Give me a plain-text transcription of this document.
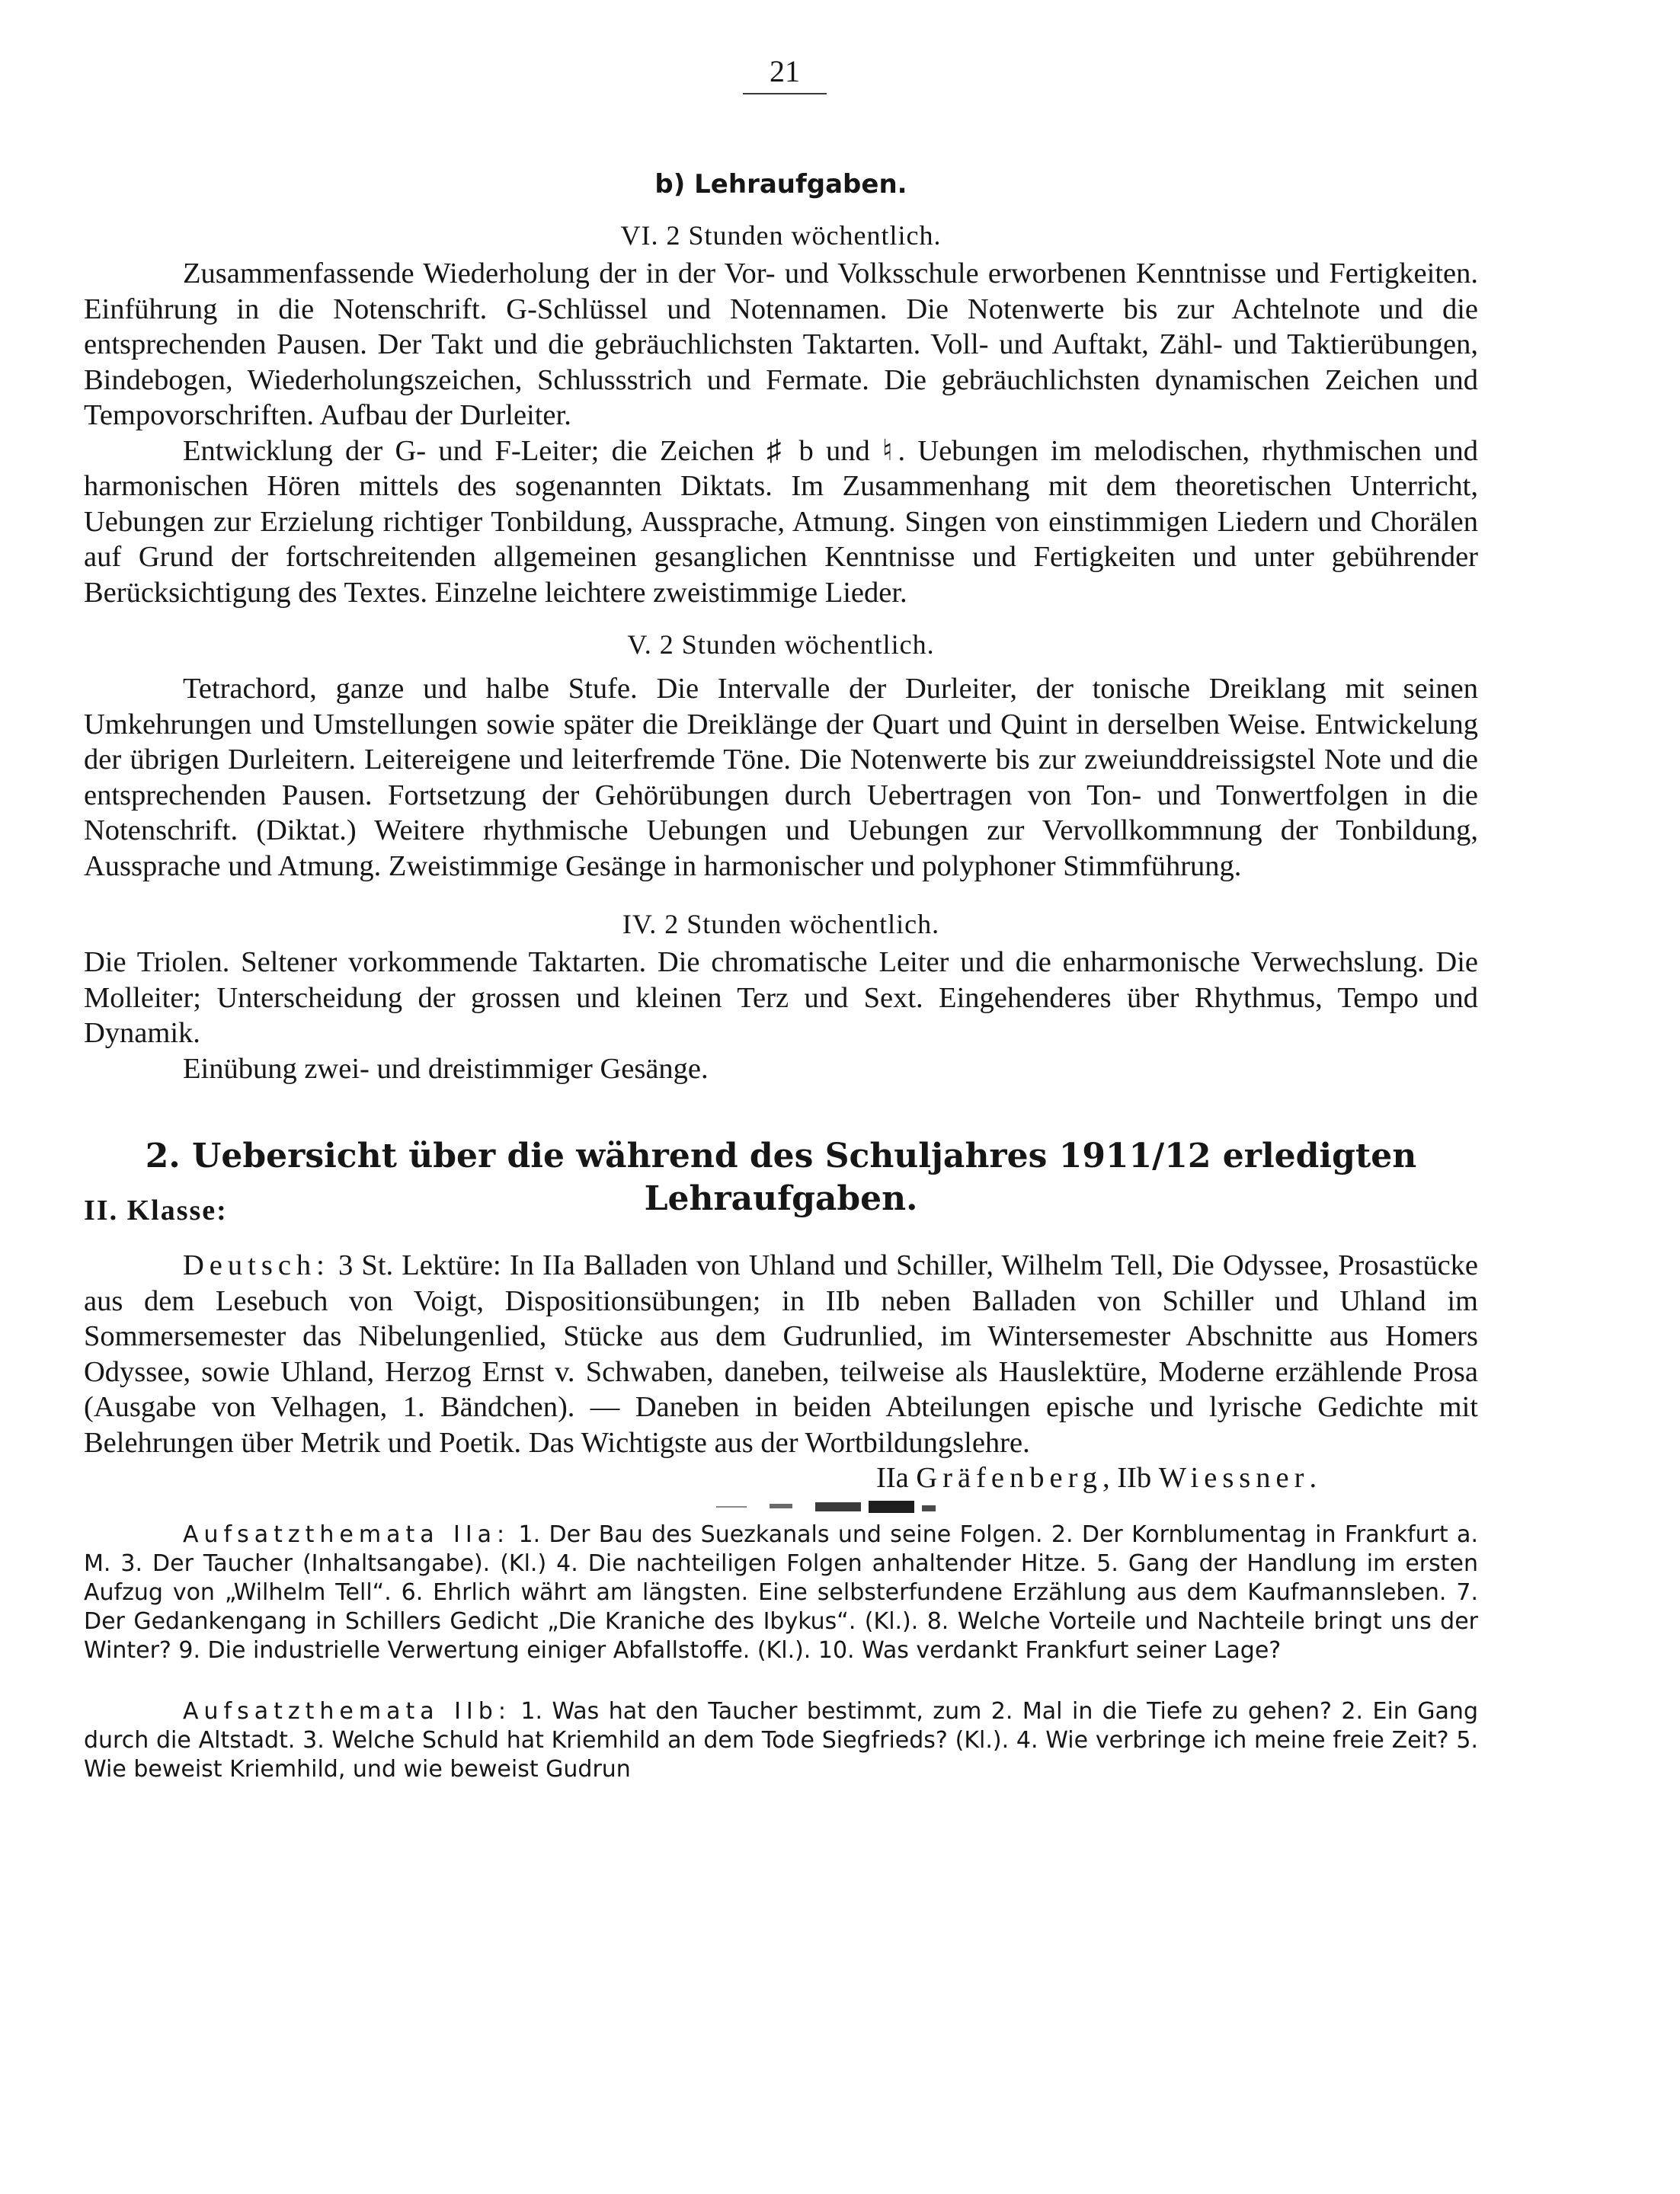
21
b) Lehraufgaben.
VI. 2 Stunden wöchentlich.

Zusammenfassende Wiederholung der in der Vor- und Volksschule erworbenen Kenntnisse und Fertigkeiten. Einführung in die Notenschrift. G-Schlüssel und Notennamen. Die Notenwerte bis zur Achtelnote und die entsprechenden Pausen. Der Takt und die gebräuchlichsten Taktarten. Voll- und Auftakt, Zähl- und Taktierübungen, Bindebogen, Wiederholungszeichen, Schlussstrich und Fermate. Die gebräuchlichsten dynamischen Zeichen und Tempovorschriften. Aufbau der Durleiter.

Entwicklung der G- und F-Leiter; die Zeichen ♯ b und ♮. Uebungen im melodischen, rhythmischen und harmonischen Hören mittels des sogenannten Diktats. Im Zusammenhang mit dem theoretischen Unterricht, Uebungen zur Erzielung richtiger Tonbildung, Aussprache, Atmung. Singen von einstimmigen Liedern und Chorälen auf Grund der fortschreitenden allgemeinen gesanglichen Kenntnisse und Fertigkeiten und unter gebührender Berücksichtigung des Textes. Einzelne leichtere zweistimmige Lieder.

V. 2 Stunden wöchentlich.

Tetrachord, ganze und halbe Stufe. Die Intervalle der Durleiter, der tonische Dreiklang mit seinen Umkehrungen und Umstellungen sowie später die Dreiklänge der Quart und Quint in derselben Weise. Entwickelung der übrigen Durleitern. Leitereigene und leiterfremde Töne. Die Notenwerte bis zur zweiunddreissigstel Note und die entsprechenden Pausen. Fortsetzung der Gehörübungen durch Uebertragen von Ton- und Tonwertfolgen in die Notenschrift. (Diktat.) Weitere rhythmische Uebungen und Uebungen zur Vervollkommnung der Tonbildung, Aussprache und Atmung. Zweistimmige Gesänge in harmonischer und polyphoner Stimmführung.

IV. 2 Stunden wöchentlich.

Die Triolen. Seltener vorkommende Taktarten. Die chromatische Leiter und die enharmonische Verwechslung. Die Molleiter; Unterscheidung der grossen und kleinen Terz und Sext. Eingehenderes über Rhythmus, Tempo und Dynamik.

Einübung zwei- und dreistimmiger Gesänge.

2. Uebersicht über die während des Schuljahres 1911/12 erledigten Lehraufgaben.
II. Klasse:

Deutsch: 3 St. Lektüre: In IIa Balladen von Uhland und Schiller, Wilhelm Tell, Die Odyssee, Prosastücke aus dem Lesebuch von Voigt, Dispositionsübungen; in IIb neben Balladen von Schiller und Uhland im Sommersemester das Nibelungenlied, Stücke aus dem Gudrunlied, im Wintersemester Abschnitte aus Homers Odyssee, sowie Uhland, Herzog Ernst v. Schwaben, daneben, teilweise als Hauslektüre, Moderne erzählende Prosa (Ausgabe von Velhagen, 1. Bändchen). — Daneben in beiden Abteilungen epische und lyrische Gedichte mit Belehrungen über Metrik und Poetik. Das Wichtigste aus der Wortbildungslehre.

IIa Gräfenberg, IIb Wiessner.

Aufsatzthemata IIa: 1. Der Bau des Suezkanals und seine Folgen. 2. Der Kornblumentag in Frankfurt a. M. 3. Der Taucher (Inhaltsangabe). (Kl.) 4. Die nachteiligen Folgen anhaltender Hitze. 5. Gang der Handlung im ersten Aufzug von „Wilhelm Tell“. 6. Ehrlich währt am längsten. Eine selbsterfundene Erzählung aus dem Kaufmannsleben. 7. Der Gedankengang in Schillers Gedicht „Die Kraniche des Ibykus“. (Kl.). 8. Welche Vorteile und Nachteile bringt uns der Winter? 9. Die industrielle Verwertung einiger Abfallstoffe. (Kl.). 10. Was verdankt Frankfurt seiner Lage?

Aufsatzthemata IIb: 1. Was hat den Taucher bestimmt, zum 2. Mal in die Tiefe zu gehen? 2. Ein Gang durch die Altstadt. 3. Welche Schuld hat Kriemhild an dem Tode Siegfrieds? (Kl.). 4. Wie verbringe ich meine freie Zeit? 5. Wie beweist Kriemhild, und wie beweist Gudrun
